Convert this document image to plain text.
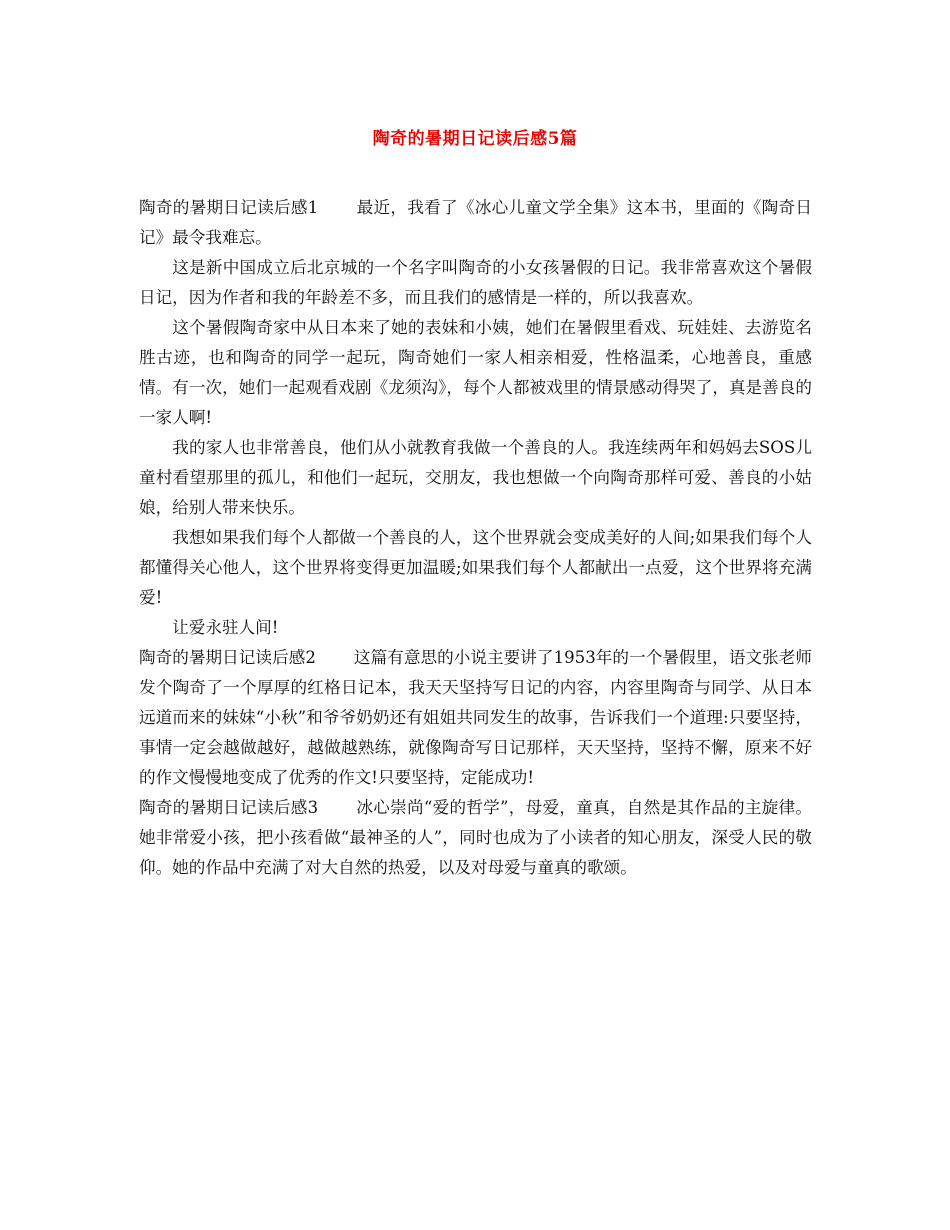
陶奇的暑期日记读后感5篇

陶奇的暑期日记读后感1 最近，我看了《冰心儿童文学全集》这本书，里面的《陶奇日记》最令我难忘。

这是新中国成立后北京城的一个名字叫陶奇的小女孩暑假的日记。我非常喜欢这个暑假日记，因为作者和我的年龄差不多，而且我们的感情是一样的，所以我喜欢。

这个暑假陶奇家中从日本来了她的表妹和小姨，她们在暑假里看戏、玩娃娃、去游览名胜古迹，也和陶奇的同学一起玩，陶奇她们一家人相亲相爱，性格温柔，心地善良，重感情。有一次，她们一起观看戏剧《龙须沟》，每个人都被戏里的情景感动得哭了，真是善良的一家人啊!

我的家人也非常善良，他们从小就教育我做一个善良的人。我连续两年和妈妈去SOS儿童村看望那里的孤儿，和他们一起玩，交朋友，我也想做一个向陶奇那样可爱、善良的小姑娘，给别人带来快乐。

我想如果我们每个人都做一个善良的人，这个世界就会变成美好的人间;如果我们每个人都懂得关心他人，这个世界将变得更加温暖;如果我们每个人都献出一点爱，这个世界将充满爱!

让爱永驻人间!

陶奇的暑期日记读后感2 这篇有意思的小说主要讲了1953年的一个暑假里，语文张老师发个陶奇了一个厚厚的红格日记本，我天天坚持写日记的内容，内容里陶奇与同学、从日本远道而来的妹妹“小秋”和爷爷奶奶还有姐姐共同发生的故事，告诉我们一个道理:只要坚持，事情一定会越做越好，越做越熟练，就像陶奇写日记那样，天天坚持，坚持不懈，原来不好的作文慢慢地变成了优秀的作文!只要坚持，定能成功!

陶奇的暑期日记读后感3 冰心崇尚“爱的哲学”，母爱，童真，自然是其作品的主旋律。她非常爱小孩，把小孩看做“最神圣的人”，同时也成为了小读者的知心朋友，深受人民的敬仰。她的作品中充满了对大自然的热爱，以及对母爱与童真的歌颂。
